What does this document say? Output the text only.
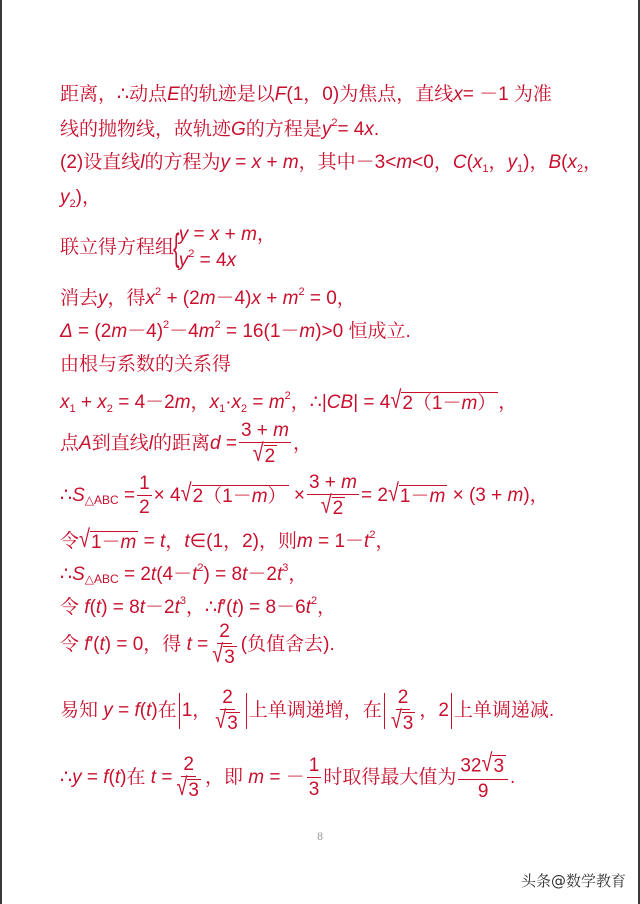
距离，∴动点E的轨迹是以F(1，0)为焦点，直线x= －1 为准
线的抛物线，故轨迹G的方程是$y^2= 4x$.
(2)设直线l的方程为y = x + m，其中－3<m<0，$C(x_1$，$y_1$)，$B(x_2$，
$y_2$)，
联立得方程组{ y = x + m，
$y^2 = 4x$
消去y，得$x^2 + (2m-4)x + m^2 = 0$，
$\Delta = (2m-4)^2-4m^2 = 16(1-m)>0$ 恒成立.
由根与系数的关系得
$x_1 + x_2 = 4-2m$，$x_1\cdot x_2 = m^2$，∴|CB| = 4 √ 2（1－m） ，
点A到直线l的距离$d = \frac{3 + m}{√ 2}$ ，
∴S△ABC = $\frac{1}{2} \times 4$ √ $2(1-m) \times \frac{3 + m}{√ 2} = 2$ √ 1－m × (3 + m)，
令 √ 1－m = t，t∈(1，2)，则$m = 1-t^2$，
∴S△ABC = $2t(4-t^2) = 8t-2t^3$，
令 $f(t) = 8t-2t^3$，∴f′(t) = $8-6t^2$，
令 f′(t) = 0，得 $t = \frac{2}{√ 3}$ (负值舍去).
易知 y = f(t)在 1， $\frac{2}{√ 3}$ 上单调递增，在 $\frac{2}{√ 3}$ ，2 上单调递减.
∴y = f(t)在 $t = \frac{2}{√ 3}$ ，即 m = － $\frac{1}{3}$ 时取得最大值为 $\frac{32 √ 3}{9}$ .
8
头条@数学教育
